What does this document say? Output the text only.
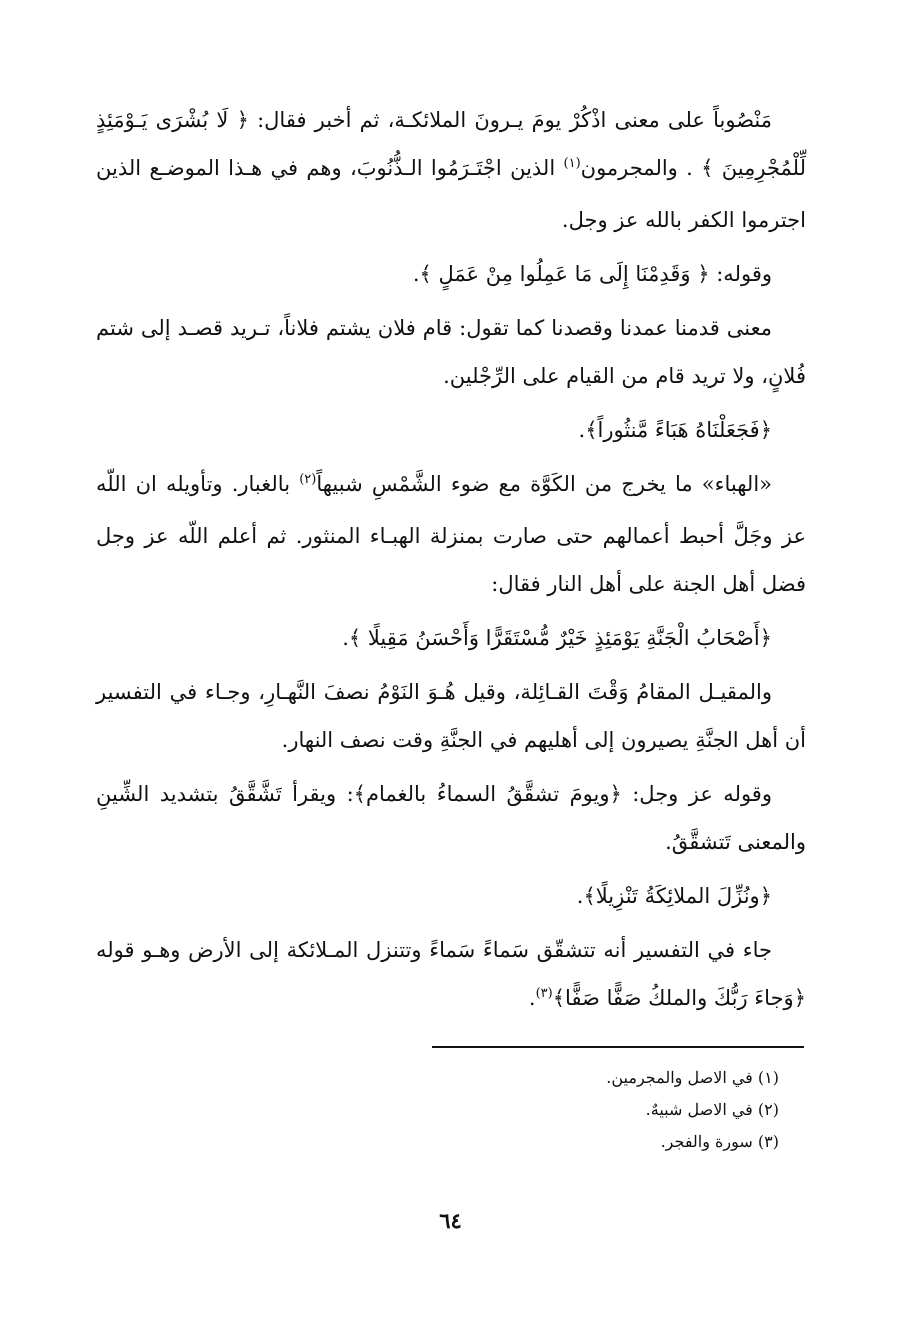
مَنْصُوباً على معنى اذْكُرْ يومَ يـرونَ الملائكـة، ثم أخبر فقال: ﴿ لَا بُشْرَى يَـوْمَئِذٍ لِّلْمُجْرِمِينَ ﴾ . والمجرمون$^{(١)}$ الذين اجْتَـرَمُوا الـذُّنُوبَ، وهم في هـذا الموضـع الذين اجترموا الكفر بالله عز وجل.

وقوله: ﴿ وَقَدِمْنَا إِلَى مَا عَمِلُوا مِنْ عَمَلٍ ﴾.

معنى قدمنا عمدنا وقصدنا كما تقول: قام فلان يشتم فلاناً، تـريد قصـد إلى شتم فُلانٍ، ولا تريد قام من القيام على الرِّجْلين.

﴿فَجَعَلْنَاهُ هَبَاءً مَّنثُوراً﴾.

«الهباء» ما يخرج من الكَوَّة مع ضوء الشَّمْسِ شبيهاً$^{(٢)}$ بالغبار. وتأويله ان اللّه عز وجَلَّ أحبط أعمالهم حتى صارت بمنزلة الهبـاء المنثور. ثم أعلم اللّه عز وجل فضل أهل الجنة على أهل النار فقال:

﴿أَصْحَابُ الْجَنَّةِ يَوْمَئِذٍ خَيْرٌ مُّسْتَقَرًّا وَأَحْسَنُ مَقِيلًا ﴾.

والمقيـل المقامُ وَقْتَ القـائِلة، وقيل هُـوَ النَوْمُ نصفَ النَّهـارِ، وجـاء في التفسير أن أهل الجنَّةِ يصيرون إلى أهليهم في الجنَّةِ وقت نصف النهار.

وقوله عز وجل: ﴿ويومَ تشقَّقُ السماءُ بالغمام﴾: ويقرأ تَشَّقَّقُ بتشديد الشِّينِ والمعنى تَتشقَّقُ.

﴿ونُزِّلَ الملائِكَةُ تَنْزِيلًا﴾.

جاء في التفسير أنه تتشقّق سَماءً سَماءً وتتنزل المـلائكة إلى الأرض وهـو قوله ﴿وَجاءَ رَبُّكَ والملكُ صَفًّا صَفًّا﴾$^{(٣)}$.

(١) في الاصل والمجرمين.

(٢) في الاصل شبيهٌ.

(٣) سورة والفجر.

٦٤
